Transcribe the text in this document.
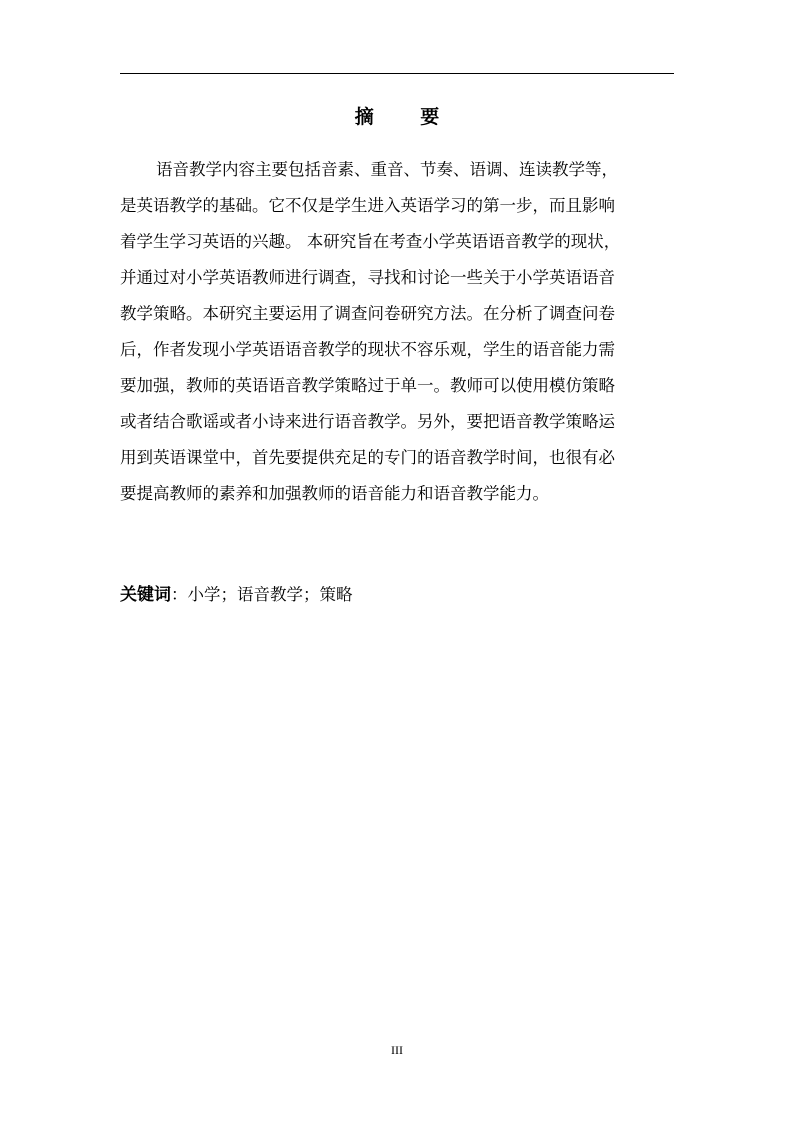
摘 要
语音教学内容主要包括音素、重音、节奏、语调、连读教学等，
是英语教学的基础。它不仅是学生进入英语学习的第一步，而且影响
着学生学习英语的兴趣。 本研究旨在考查小学英语语音教学的现状，
并通过对小学英语教师进行调查，寻找和讨论一些关于小学英语语音
教学策略。本研究主要运用了调查问卷研究方法。在分析了调查问卷
后，作者发现小学英语语音教学的现状不容乐观，学生的语音能力需
要加强，教师的英语语音教学策略过于单一。教师可以使用模仿策略
或者结合歌谣或者小诗来进行语音教学。另外，要把语音教学策略运
用到英语课堂中，首先要提供充足的专门的语音教学时间，也很有必
要提高教师的素养和加强教师的语音能力和语音教学能力。
关键词：小学；语音教学；策略
III
